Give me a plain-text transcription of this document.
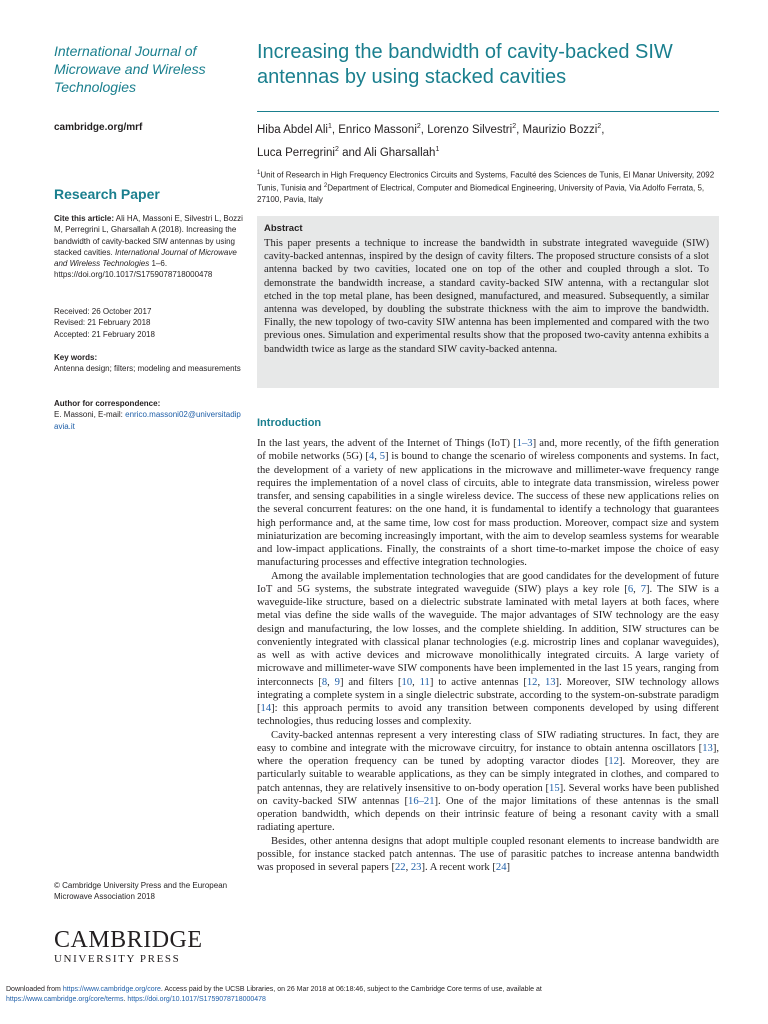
International Journal of
Microwave and Wireless
Technologies
cambridge.org/mrf
Research Paper
Cite this article: Ali HA, Massoni E, Silvestri L, Bozzi M, Perregrini L, Gharsallah A (2018). Increasing the bandwidth of cavity-backed SIW antennas by using stacked cavities. International Journal of Microwave and Wireless Technologies 1–6. https://doi.org/10.1017/S1759078718000478
Received: 26 October 2017
Revised: 21 February 2018
Accepted: 21 February 2018
Key words:
Antenna design; filters; modeling and measurements
Author for correspondence:
E. Massoni, E-mail: enrico.massoni02@universitadipavia.it
© Cambridge University Press and the European Microwave Association 2018
CAMBRIDGE
UNIVERSITY PRESS
Increasing the bandwidth of cavity-backed SIW antennas by using stacked cavities
Hiba Abdel Ali$^1$, Enrico Massoni$^2$, Lorenzo Silvestri$^2$, Maurizio Bozzi$^2$,
Luca Perregrini$^2$ and Ali Gharsallah$^1$
$^1$Unit of Research in High Frequency Electronics Circuits and Systems, Faculté des Sciences de Tunis, El Manar University, 2092 Tunis, Tunisia and $^2$Department of Electrical, Computer and Biomedical Engineering, University of Pavia, Via Adolfo Ferrata, 5, 27100, Pavia, Italy
Abstract
This paper presents a technique to increase the bandwidth in substrate integrated waveguide (SIW) cavity-backed antennas, inspired by the design of cavity filters. The proposed structure consists of a slot antenna backed by two cavities, located one on top of the other and coupled through a slot. To demonstrate the bandwidth increase, a standard cavity-backed SIW antenna, with a rectangular slot etched in the top metal plane, has been designed, manufactured, and measured. Subsequently, a similar antenna was developed, by doubling the substrate thickness with the aim to improve the bandwidth. Finally, the new topology of two-cavity SIW antenna has been implemented and compared with the two previous ones. Simulation and experimental results show that the proposed two-cavity antenna exhibits a bandwidth twice as large as the standard SIW cavity-backed antenna.
Introduction

In the last years, the advent of the Internet of Things (IoT) [1–3] and, more recently, of the fifth generation of mobile networks (5G) [4, 5] is bound to change the scenario of wireless components and systems. In fact, the development of a variety of new applications in the microwave and millimeter-wave frequency range requires the implementation of a novel class of circuits, able to integrate data transmission, wireless power transfer, and sensing capabilities in a single wireless device. The success of these new applications relies on the several concurrent features: on the one hand, it is fundamental to identify a technology that guarantees high performance and, at the same time, low cost for mass production. Moreover, compact size and system miniaturization are becoming increasingly important, with the aim to develop seamless systems for wearable and low-impact applications. Finally, the constraints of a short time-to-market impose the choice of easy manufacturing processes and effective integration technologies.

Among the available implementation technologies that are good candidates for the development of future IoT and 5G systems, the substrate integrated waveguide (SIW) plays a key role [6, 7]. The SIW is a waveguide-like structure, based on a dielectric substrate laminated with metal layers at both faces, where metal vias define the side walls of the waveguide. The major advantages of SIW technology are the easy design and manufacturing, the low losses, and the complete shielding. In addition, SIW structures can be conveniently integrated with classical planar technologies (e.g. microstrip lines and coplanar waveguides), as well as with active devices and microwave monolithically integrated circuits. A large variety of microwave and millimeter-wave SIW components have been implemented in the last 15 years, ranging from interconnects [8, 9] and filters [10, 11] to active antennas [12, 13]. Moreover, SIW technology allows integrating a complete system in a single dielectric substrate, according to the system-on-substrate paradigm [14]: this approach permits to avoid any transition between components developed by using different technologies, thus reducing losses and complexity.

Cavity-backed antennas represent a very interesting class of SIW radiating structures. In fact, they are easy to combine and integrate with the microwave circuitry, for instance to obtain antenna oscillators [13], where the operation frequency can be tuned by adopting varactor diodes [12]. Moreover, they are particularly suitable to wearable applications, as they can be simply integrated in clothes, and compared to patch antennas, they are relatively insensitive to on-body operation [15]. Several works have been published on cavity-backed SIW antennas [16–21]. One of the major limitations of these antennas is the small operation bandwidth, which depends on their intrinsic feature of being a resonant cavity with a small radiating aperture.

Besides, other antenna designs that adopt multiple coupled resonant elements to increase bandwidth are possible, for instance stacked patch antennas. The use of parasitic patches to increase antenna bandwidth was proposed in several papers [22, 23]. A recent work [24]

Downloaded from https://www.cambridge.org/core. Access paid by the UCSB Libraries, on 26 Mar 2018 at 06:18:46, subject to the Cambridge Core terms of use, available at
https://www.cambridge.org/core/terms. https://doi.org/10.1017/S1759078718000478
